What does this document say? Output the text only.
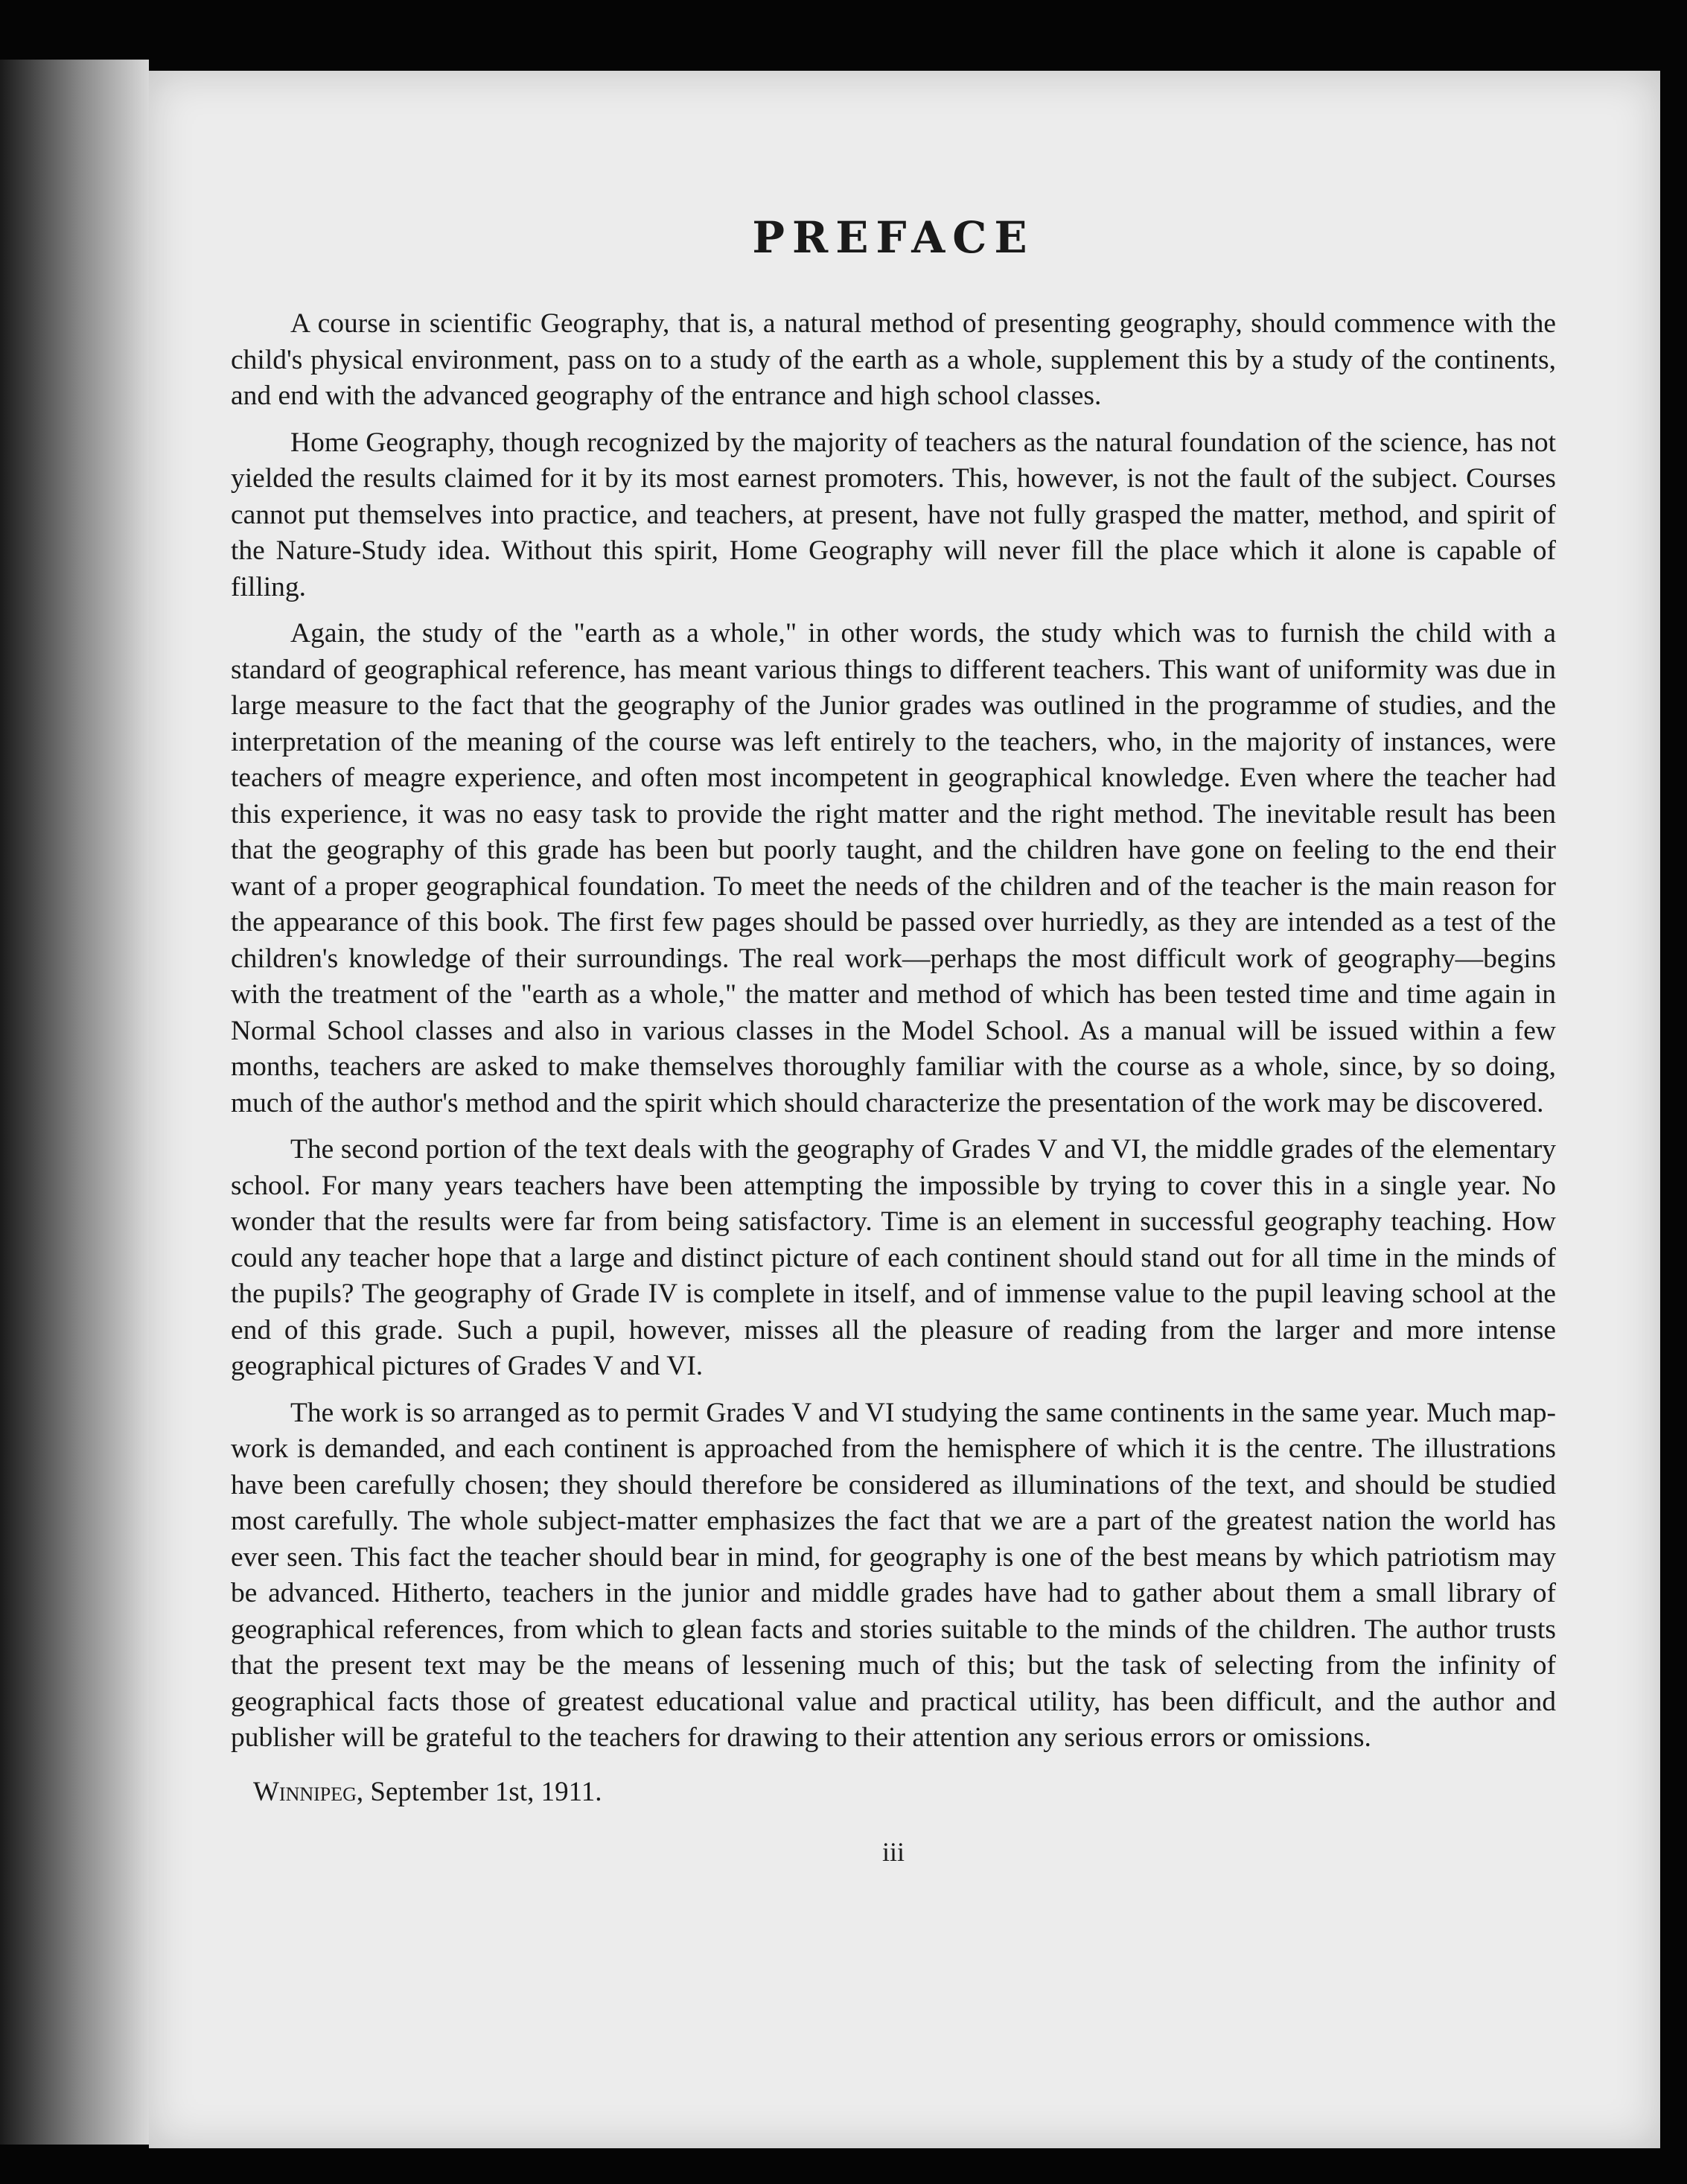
PREFACE

A course in scientific Geography, that is, a natural method of presenting geography, should commence with the child's physical environment, pass on to a study of the earth as a whole, supplement this by a study of the continents, and end with the advanced geography of the entrance and high school classes.

Home Geography, though recognized by the majority of teachers as the natural foundation of the science, has not yielded the results claimed for it by its most earnest promoters. This, however, is not the fault of the subject. Courses cannot put themselves into practice, and teachers, at present, have not fully grasped the matter, method, and spirit of the Nature-Study idea. Without this spirit, Home Geography will never fill the place which it alone is capable of filling.

Again, the study of the "earth as a whole," in other words, the study which was to furnish the child with a standard of geographical reference, has meant various things to different teachers. This want of uniformity was due in large measure to the fact that the geography of the Junior grades was outlined in the programme of studies, and the interpretation of the meaning of the course was left entirely to the teachers, who, in the majority of instances, were teachers of meagre experience, and often most incompetent in geographical knowledge. Even where the teacher had this experience, it was no easy task to provide the right matter and the right method. The inevitable result has been that the geography of this grade has been but poorly taught, and the children have gone on feeling to the end their want of a proper geographical foundation. To meet the needs of the children and of the teacher is the main reason for the appearance of this book. The first few pages should be passed over hurriedly, as they are intended as a test of the children's knowledge of their surroundings. The real work—perhaps the most difficult work of geography—begins with the treatment of the "earth as a whole," the matter and method of which has been tested time and time again in Normal School classes and also in various classes in the Model School. As a manual will be issued within a few months, teachers are asked to make themselves thoroughly familiar with the course as a whole, since, by so doing, much of the author's method and the spirit which should characterize the presentation of the work may be discovered.

The second portion of the text deals with the geography of Grades V and VI, the middle grades of the elementary school. For many years teachers have been attempting the impossible by trying to cover this in a single year. No wonder that the results were far from being satisfactory. Time is an element in successful geography teaching. How could any teacher hope that a large and distinct picture of each continent should stand out for all time in the minds of the pupils? The geography of Grade IV is complete in itself, and of immense value to the pupil leaving school at the end of this grade. Such a pupil, however, misses all the pleasure of reading from the larger and more intense geographical pictures of Grades V and VI.

The work is so arranged as to permit Grades V and VI studying the same continents in the same year. Much map-work is demanded, and each continent is approached from the hemisphere of which it is the centre. The illustrations have been carefully chosen; they should therefore be considered as illuminations of the text, and should be studied most carefully. The whole subject-matter emphasizes the fact that we are a part of the greatest nation the world has ever seen. This fact the teacher should bear in mind, for geography is one of the best means by which patriotism may be advanced. Hitherto, teachers in the junior and middle grades have had to gather about them a small library of geographical references, from which to glean facts and stories suitable to the minds of the children. The author trusts that the present text may be the means of lessening much of this; but the task of selecting from the infinity of geographical facts those of greatest educational value and practical utility, has been difficult, and the author and publisher will be grateful to the teachers for drawing to their attention any serious errors or omissions.

Winnipeg, September 1st, 1911.
iii
